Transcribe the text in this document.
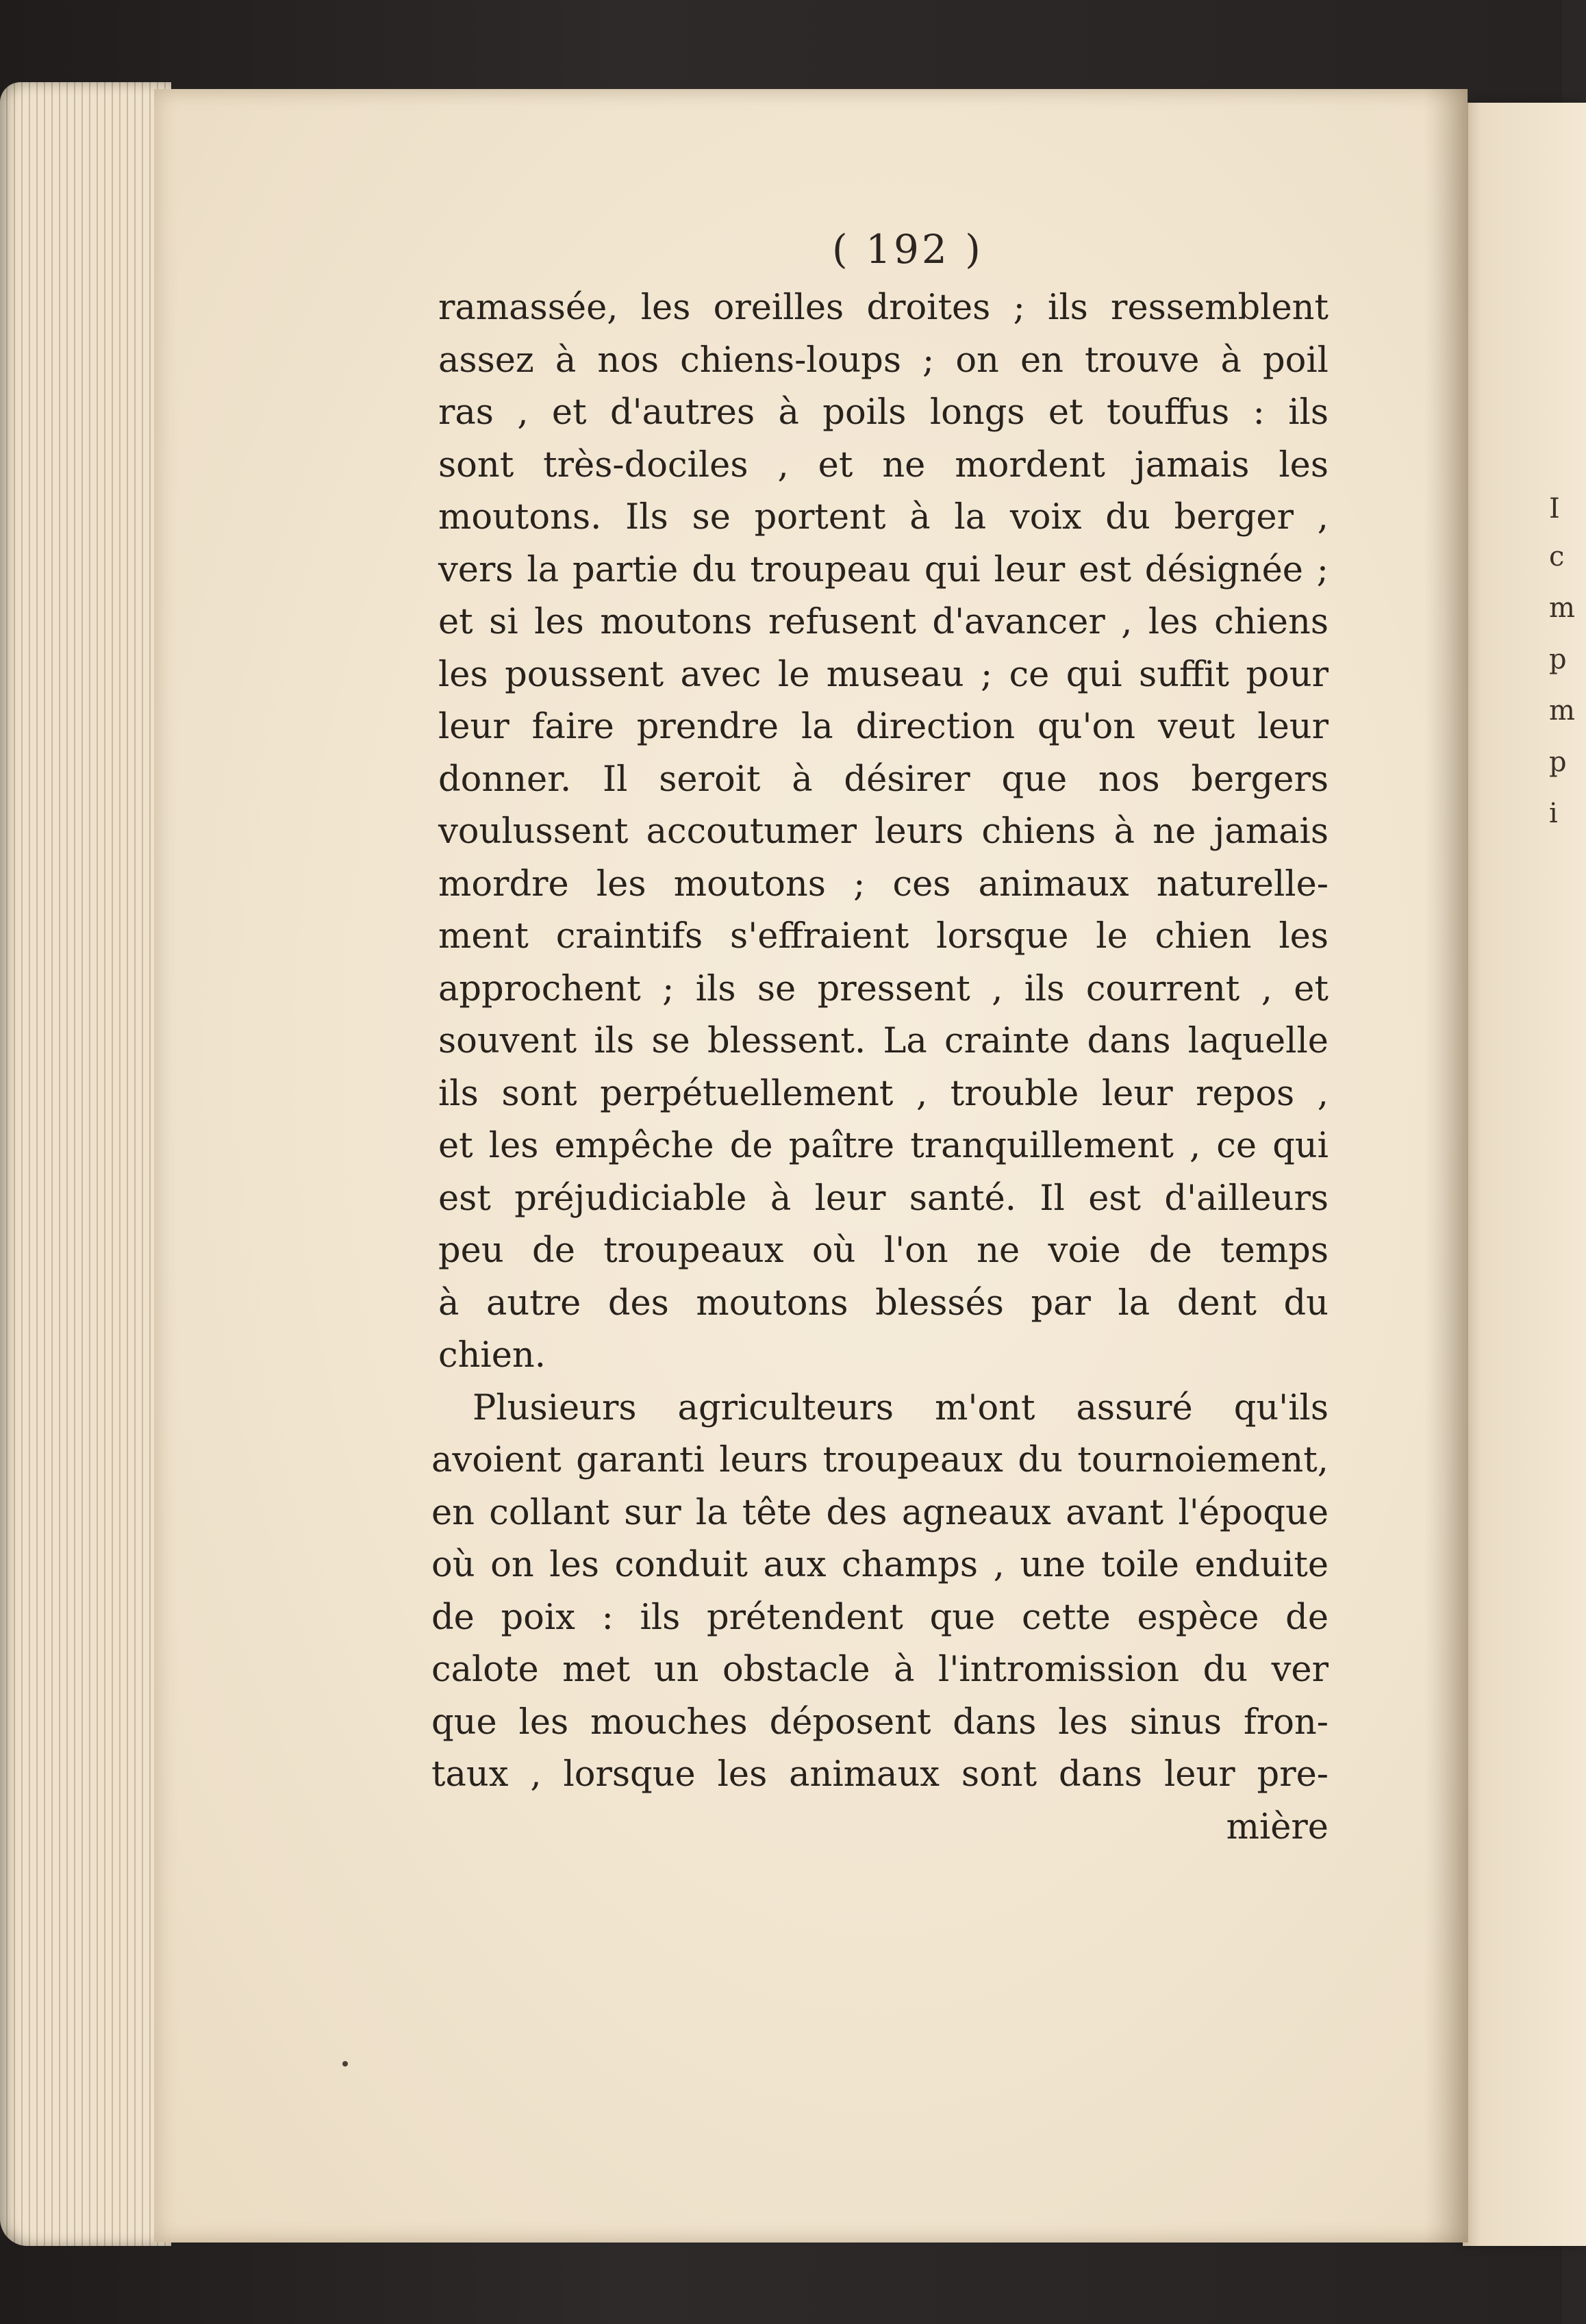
I
c
m
p
m
p
i
( 192 )
ramassée, les oreilles droites ; ils ressemblent
assez à nos chiens-loups ; on en trouve à poil
ras , et d'autres à poils longs et touffus : ils
sont très-dociles , et ne mordent jamais les
moutons. Ils se portent à la voix du berger ,
vers la partie du troupeau qui leur est désignée ;
et si les moutons refusent d'avancer , les chiens
les poussent avec le museau ; ce qui suffit pour
leur faire prendre la direction qu'on veut leur
donner. Il seroit à désirer que nos bergers
voulussent accoutumer leurs chiens à ne jamais
mordre les moutons ; ces animaux naturelle-
ment craintifs s'effraient lorsque le chien les
approchent ; ils se pressent , ils courrent , et
souvent ils se blessent. La crainte dans laquelle
ils sont perpétuellement , trouble leur repos ,
et les empêche de paître tranquillement , ce qui
est préjudiciable à leur santé. Il est d'ailleurs
peu de troupeaux où l'on ne voie de temps
à autre des moutons blessés par la dent du
chien.
Plusieurs agriculteurs m'ont assuré qu'ils
avoient garanti leurs troupeaux du tournoiement,
en collant sur la tête des agneaux avant l'époque
où on les conduit aux champs , une toile enduite
de poix : ils prétendent que cette espèce de
calote met un obstacle à l'intromission du ver
que les mouches déposent dans les sinus fron-
taux , lorsque les animaux sont dans leur pre-
mière
